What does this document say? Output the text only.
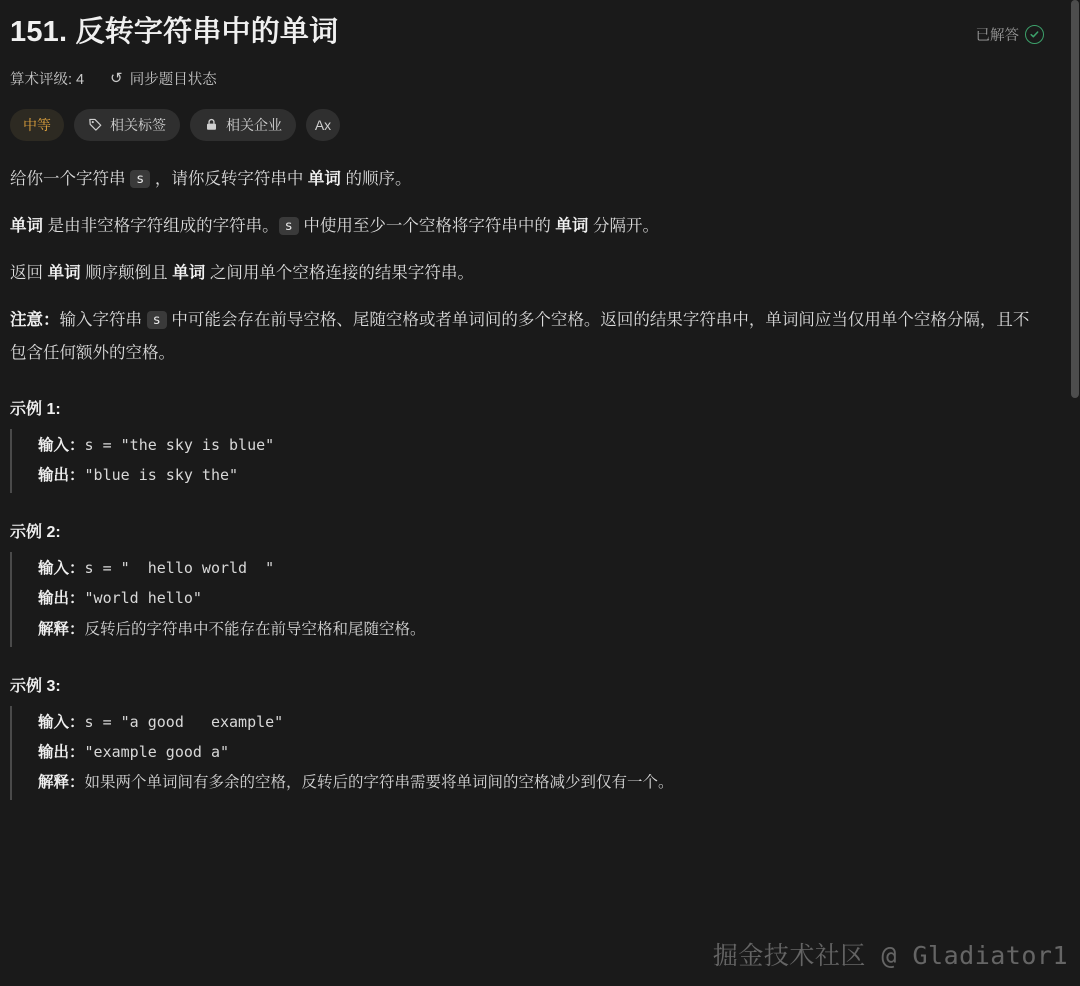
151. 反转字符串中的单词	已解答
算术评级: 4 ↻ 同步题目状态
中等	相关标签	相关企业 Ax

给你一个字符串 s ，请你反转字符串中 单词 的顺序。

单词 是由非空格字符组成的字符串。 s 中使用至少一个空格将字符串中的 单词 分隔开。

返回 单词 顺序颠倒且 单词 之间用单个空格连接的结果字符串。

注意：输入字符串 s 中可能会存在前导空格、尾随空格或者单词间的多个空格。返回的结果字符串中，单词间应当仅用单个空格分隔，且不包含任何额外的空格。

示例 1:
输入：s = "the sky is blue"
输出："blue is sky the"
示例 2:
输入：s = "  hello world  "
输出："world hello"
解释：反转后的字符串中不能存在前导空格和尾随空格。
示例 3:
输入：s = "a good   example"
输出："example good a"
解释：如果两个单词间有多余的空格，反转后的字符串需要将单词间的空格减少到仅有一个。
掘金技术社区 @ Gladiator1
